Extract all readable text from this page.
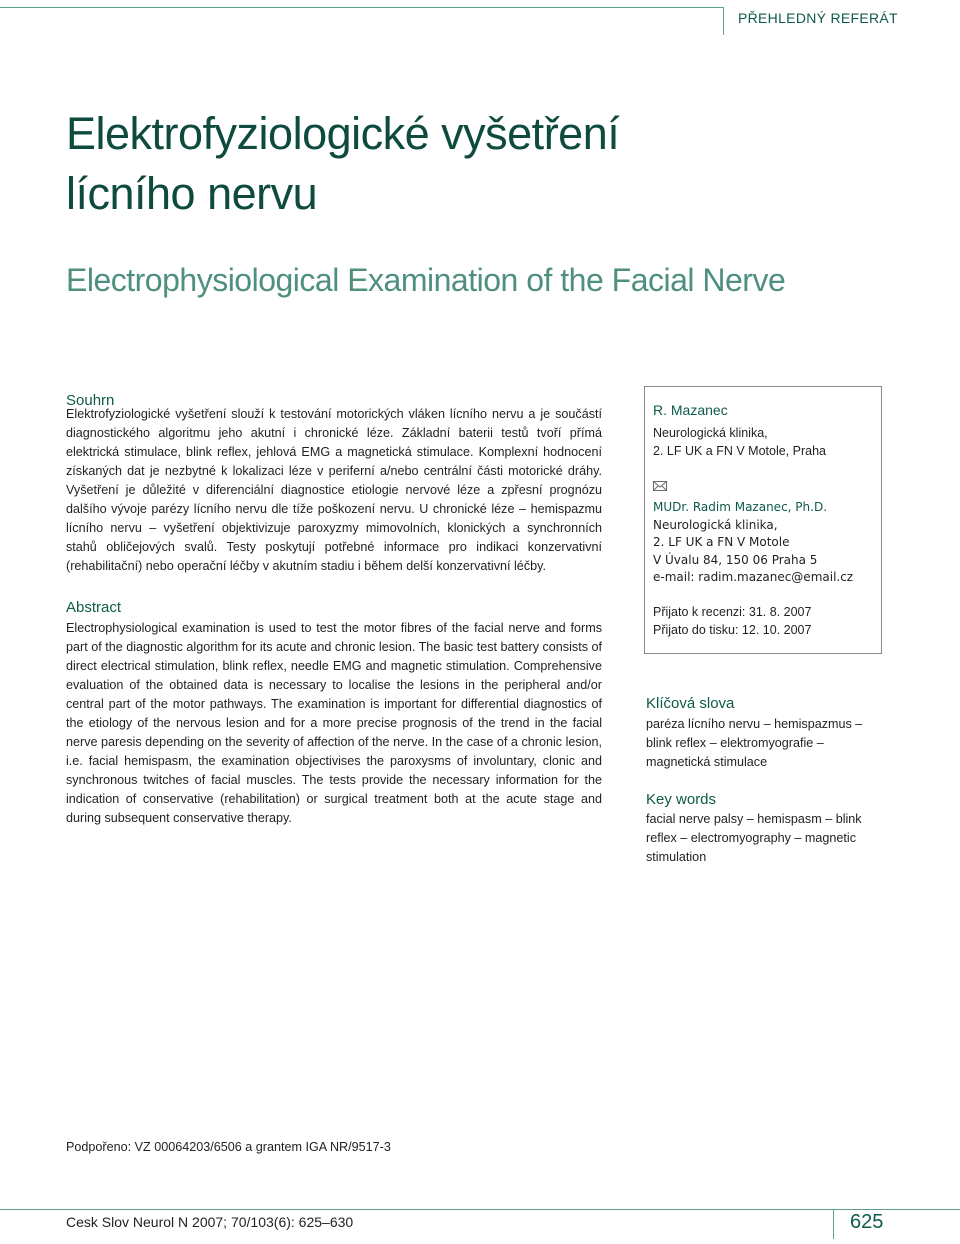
PŘEHLEDNÝ REFERÁT
Elektrofyziologické vyšetření
lícního nervu
Electrophysiological Examination of the Facial Nerve
Souhrn

Elektrofyziologické vyšetření slouží k testování motorických vláken lícního nervu a je součástí diagnostického algoritmu jeho akutní i chronické léze. Základní baterii testů tvoří přímá elektrická stimulace, blink reflex, jehlová EMG a magnetická stimulace. Komplexní hodnocení získaných dat je nezbytné k lokalizaci léze v periferní a/nebo centrální části motorické dráhy. Vyšetření je důležité v diferenciální diagnostice etiologie nervové léze a zpřesní prognózu dalšího vývoje parézy lícního nervu dle tíže poškození nervu. U chronické léze – hemispazmu lícního nervu – vyšetření objektivizuje paroxyzmy mimovolních, klonických a synchronních stahů obličejových svalů. Testy poskytují potřebné informace pro indikaci konzervativní (rehabilitační) nebo operační léčby v akutním stadiu i během delší konzervativní léčby.

Abstract

Electrophysiological examination is used to test the motor fibres of the facial nerve and forms part of the diagnostic algorithm for its acute and chronic lesion. The basic test battery consists of direct electrical stimulation, blink reflex, needle EMG and magnetic stimulation. Comprehensive evaluation of the obtained data is necessary to localise the lesions in the peripheral and/or central part of the motor pathways. The examination is important for differential diagnostics of the etiology of the nervous lesion and for a more precise prognosis of the trend in the facial nerve paresis depending on the severity of affection of the nerve. In the case of a chronic lesion, i.e. facial hemispasm, the examination objectivises the paroxysms of involuntary, clonic and synchronous twitches of facial muscles. The tests provide the necessary information for the indication of conservative (rehabilitation) or surgical treatment both at the acute stage and during subsequent conservative therapy.

R. Mazanec
Neurologická klinika,
2. LF UK a FN V Motole, Praha
MUDr. Radim Mazanec, Ph.D.
Neurologická klinika,
2. LF UK a FN V Motole
V Úvalu 84, 150 06 Praha 5
e-mail: radim.mazanec@email.cz
Přijato k recenzi: 31. 8. 2007
Přijato do tisku: 12. 10. 2007
Klíčová slova

paréza lícního nervu – hemispazmus – blink reflex – elektromyografie – magnetická stimulace

Key words

facial nerve palsy – hemispasm – blink reflex – electromyography – magnetic stimulation

Podpořeno: VZ 00064203/6506 a grantem IGA NR/9517-3
Cesk Slov Neurol N 2007; 70/103(6): 625–630	625
